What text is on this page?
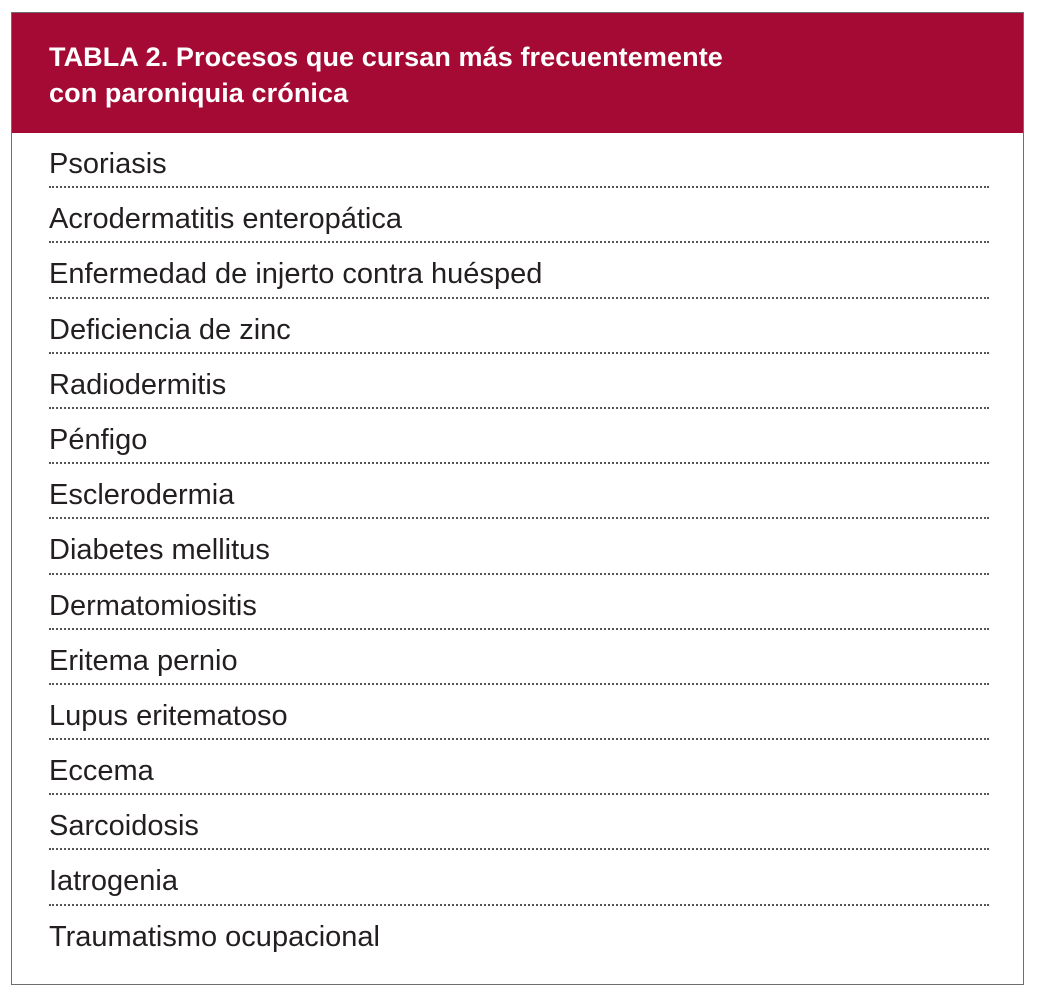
TABLA 2. Procesos que cursan más frecuentemente
con paroniquia crónica
Psoriasis
Acrodermatitis enteropática
Enfermedad de injerto contra huésped
Deficiencia de zinc
Radiodermitis
Pénfigo
Esclerodermia
Diabetes mellitus
Dermatomiositis
Eritema pernio
Lupus eritematoso
Eccema
Sarcoidosis
Iatrogenia
Traumatismo ocupacional
